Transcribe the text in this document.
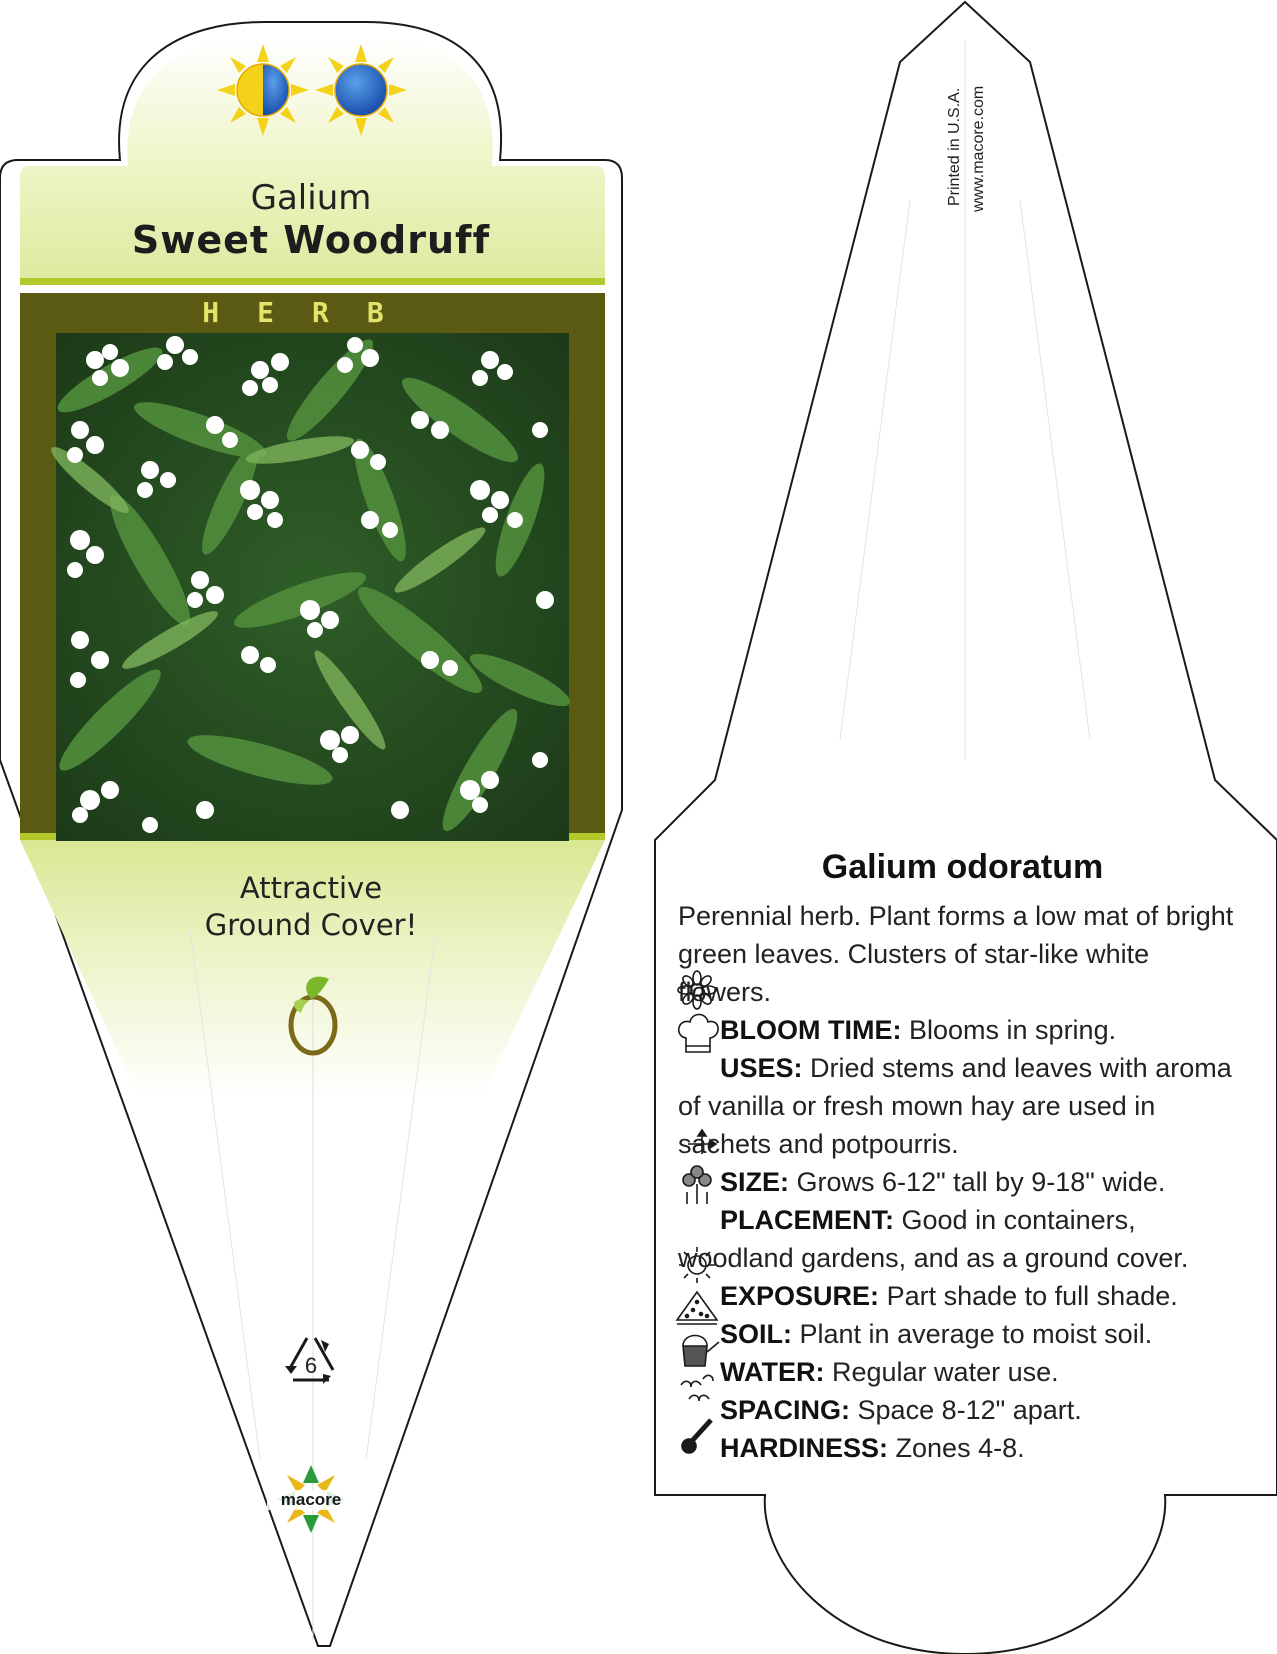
Galium
Sweet Woodruff
HERB
Attractive
Ground Cover!
6
macore
Printed in U.S.A. www.macore.com
Galium odoratum

Perennial herb. Plant forms a low mat of bright green leaves. Clusters of star-like white flowers.

BLOOM TIME: Blooms in spring.

USES: Dried stems and leaves with aroma of vanilla or fresh mown hay are used in sachets and potpourris.

SIZE: Grows 6-12" tall by 9-18" wide.

PLACEMENT: Good in containers, woodland gardens, and as a ground cover.

EXPOSURE: Part shade to full shade.

SOIL: Plant in average to moist soil.

WATER: Regular water use.

SPACING: Space 8-12" apart.

HARDINESS: Zones 4-8.
